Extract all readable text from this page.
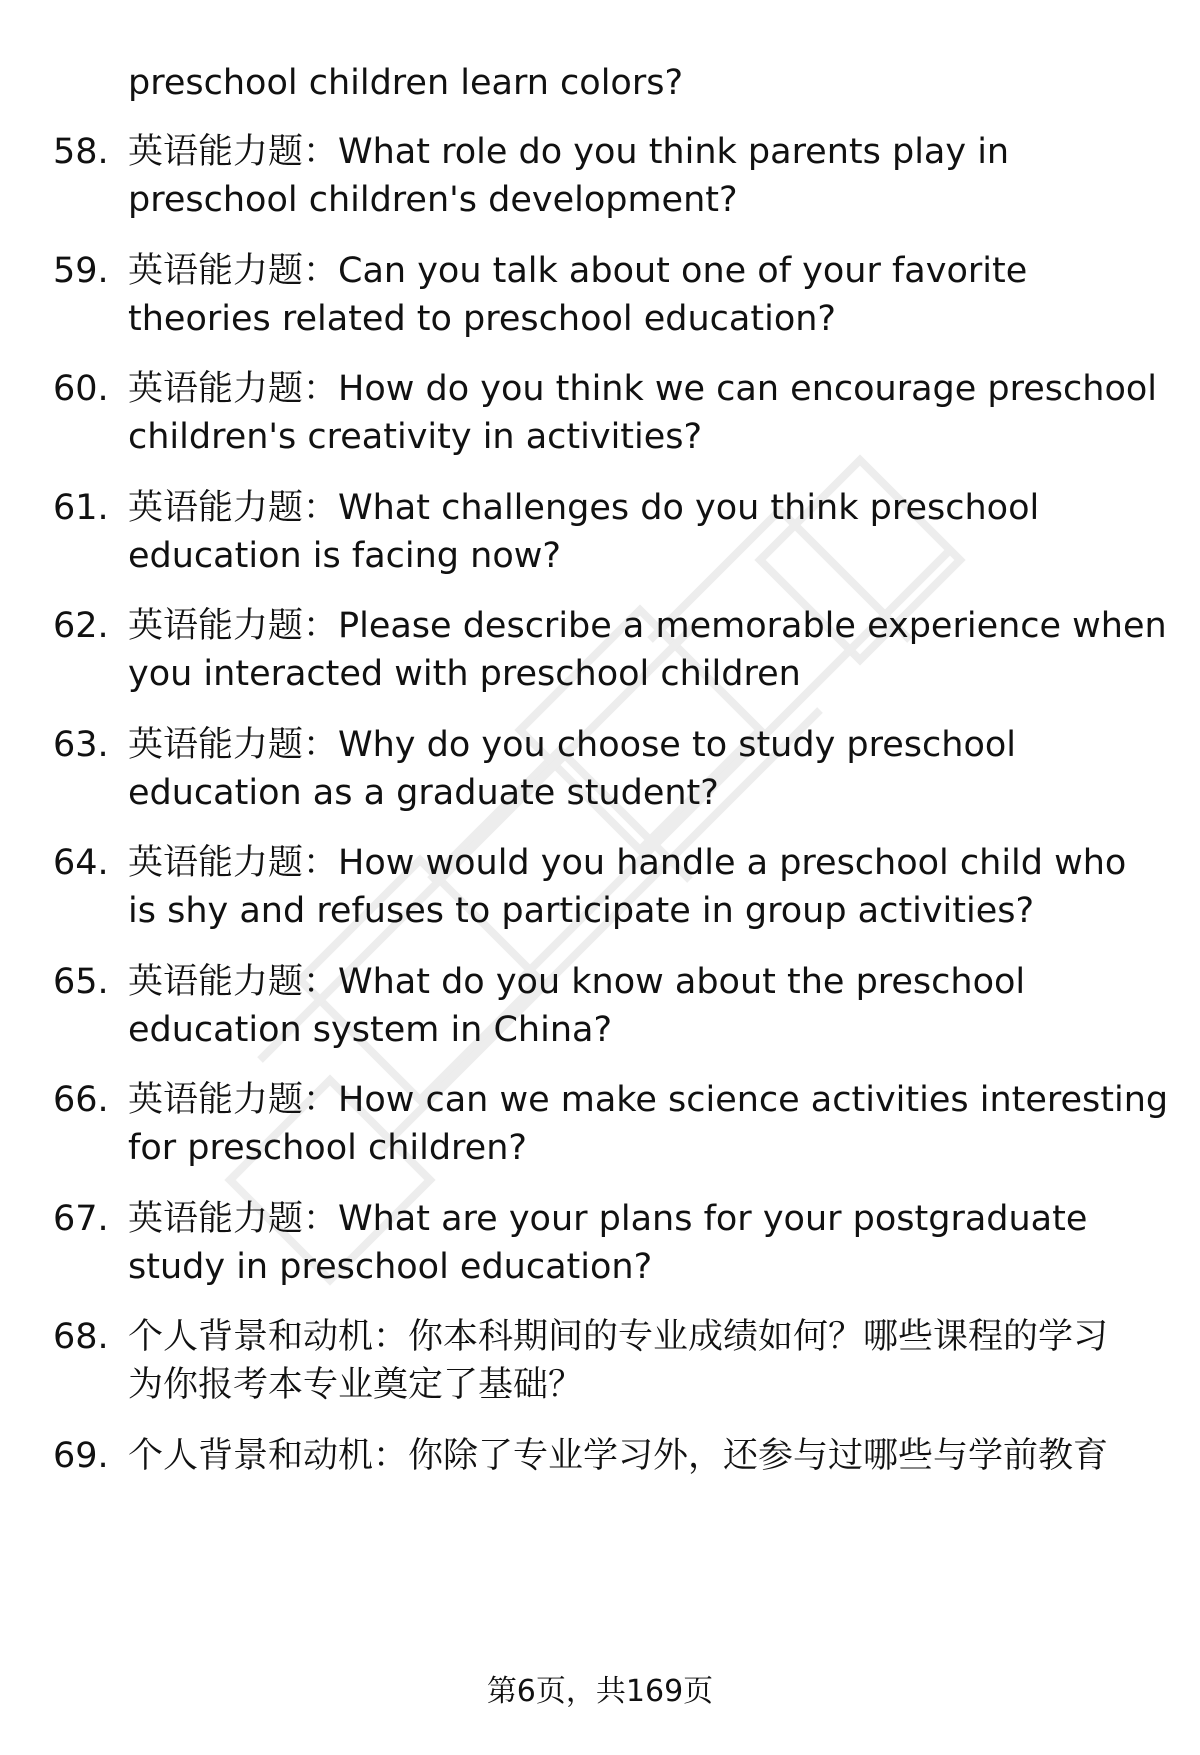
preschool children learn colors?
58. 英语能力题：What role do you think parents play in
preschool children's development?
59. 英语能力题：Can you talk about one of your favorite
theories related to preschool education?
60. 英语能力题：How do you think we can encourage preschool
children's creativity in activities?
61. 英语能力题：What challenges do you think preschool
education is facing now?
62. 英语能力题：Please describe a memorable experience when
you interacted with preschool children
63. 英语能力题：Why do you choose to study preschool
education as a graduate student?
64. 英语能力题：How would you handle a preschool child who
is shy and refuses to participate in group activities?
65. 英语能力题：What do you know about the preschool
education system in China?
66. 英语能力题：How can we make science activities interesting
for preschool children?
67. 英语能力题：What are your plans for your postgraduate
study in preschool education?
68. 个人背景和动机：你本科期间的专业成绩如何？哪些课程的学习
为你报考本专业奠定了基础？
69. 个人背景和动机：你除了专业学习外，还参与过哪些与学前教育
第6页，共169页
